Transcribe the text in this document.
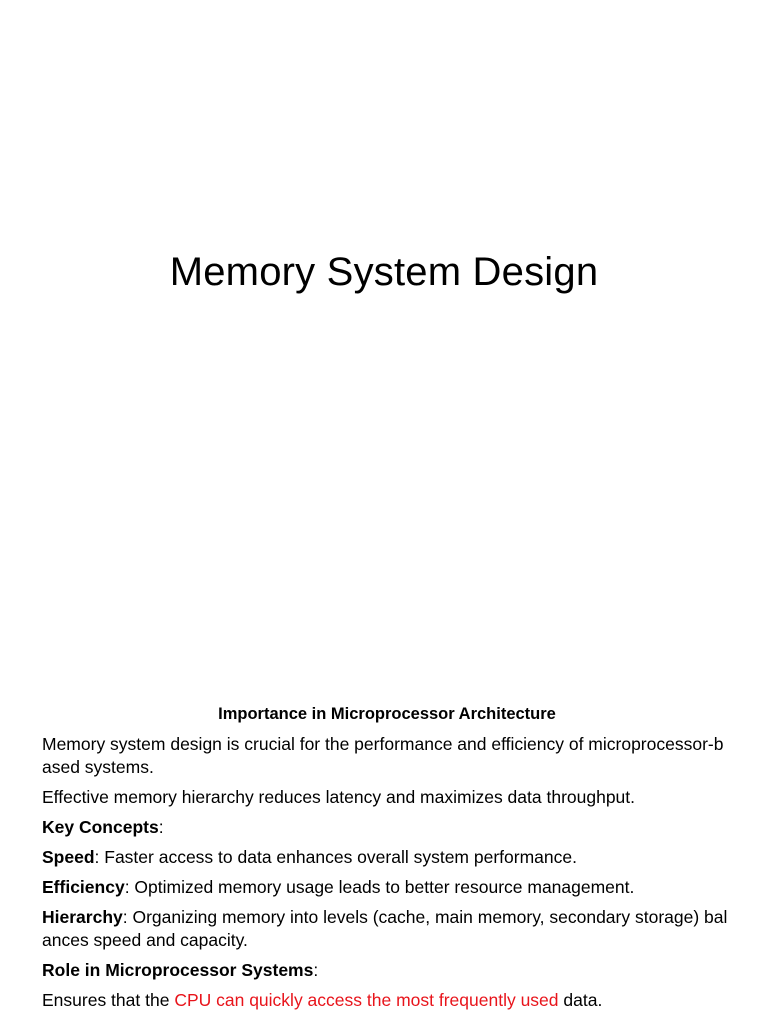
Memory System Design
Importance in Microprocessor Architecture

Memory system design is crucial for the performance and efficiency of microprocessor-based systems.

Effective memory hierarchy reduces latency and maximizes data throughput.

Key Concepts:

Speed: Faster access to data enhances overall system performance.

Efficiency: Optimized memory usage leads to better resource management.

Hierarchy: Organizing memory into levels (cache, main memory, secondary storage) balances speed and capacity.

Role in Microprocessor Systems:

Ensures that the CPU can quickly access the most frequently used data.
